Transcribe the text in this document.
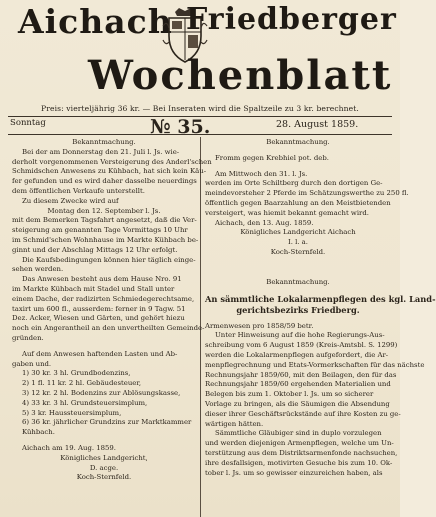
Aichach Friedberger
Wochenblatt
Preis: vierteljährig 36 kr. — Bei Inseraten wird die Spaltzeile zu 3 kr. berechnet.
Sonntag	№ 35.	28. August 1859.

Bekanntmachung.

Bei der am Donnerstag den 21. Juli l. Js. wie-

derholt vorgenommenen Versteigerung des Anderl'schen

Schmidschen Anwesens zu Kühbach, hat sich kein Käu-

fer gefunden und es wird daher dasselbe neuerdings

dem öffentlichen Verkaufe unterstellt.

Zu diesem Zwecke wird auf

Montag den 12. September l. Js.

mit dem Bemerken Tagsfahrt angesetzt, daß die Ver-

steigerung am genannten Tage Vormittags 10 Uhr

im Schmid'schen Wohnhause im Markte Kühbach be-

ginnt und der Abschlag Mittags 12 Uhr erfolgt.

Die Kaufsbedingungen können hier täglich einge-

sehen werden.

Das Anwesen besteht aus dem Hause Nro. 91

im Markte Kühbach mit Stadel und Stall unter

einem Dache, der radizirten Schmiedegerechtsame,

taxirt um 600 fl., ausserdem: ferner in 9 Tagw. 51

Dez. Acker, Wiesen und Gärten, und gehört hiezu

noch ein Angerantheil an den unvertheilten Gemeinde-

gründen.

Auf dem Anwesen haftenden Lasten und Ab-

gaben und.

1) 30 kr. 3 hl. Grundbodenzins,

2) 1 fl. 11 kr. 2 hl. Gebäudesteuer,

3) 12 kr. 2 hl. Bodenzins zur Ablösungskasse,

4) 33 kr. 3 hl. Grundsteuersimplum,

5) 3 kr. Haussteuersimplum,

6) 36 kr. jährlicher Grundzins zur Marktkammer

Kühbach.

Aichach am 19. Aug. 1859.

Königliches Landgericht,

D. acge.

Koch-Sternfeld.

Bekanntmachung.

Fromm gegen Krebhiel pot. deb.

Am Mittwoch den 31. l. Js.

werden im Orte Schiltberg durch den dortigen Ge-

meindevorsteher 2 Pferde im Schätzungswerthe zu 250 fl.

öffentlich gegen Baarzahlung an den Meistbietenden

versteigert, was hiemit bekannt gemacht wird.

Aichach, den 13. Aug. 1859.

Königliches Landgericht Aichach

I. l. a.

Koch-Sternfeld.

Bekanntmachung.

An sämmtliche Lokalarmenpflegen des kgl. Land-

gerichtsbezirks Friedberg.

Armenwesen pro 1858/59 betr.

Unter Hinweisung auf die hohe Regierungs-Aus-

schreibung vom 6 August 1859 (Kreis-Amtsbl. S. 1299)

werden die Lokalarmenpflegen aufgefordert, die Ar-

menpflegrechnung und Etats-Vormerkschaften für das nächste

Rechnungsjahr 1859/60, mit den Beilagen, den für das

Rechnungsjahr 1859/60 ergehenden Materialien und

Belegen bis zum 1. Oktober l. Js. um so sicherer

Vorlage zu bringen, als die Säumigen die Absendung

dieser ihrer Geschäftsrückstände auf ihre Kosten zu ge-

wärtigen hätten.

Sämmtliche Gläubiger sind in duplo vorzulegen

und werden diejenigen Armenpflegen, welche um Un-

terstützung aus dem Distriktsarmenfonde nachsuchen,

ihre desfallsigen, motivirten Gesuche bis zum 10. Ok-

tober l. Js. um so gewisser einzureichen haben, als
